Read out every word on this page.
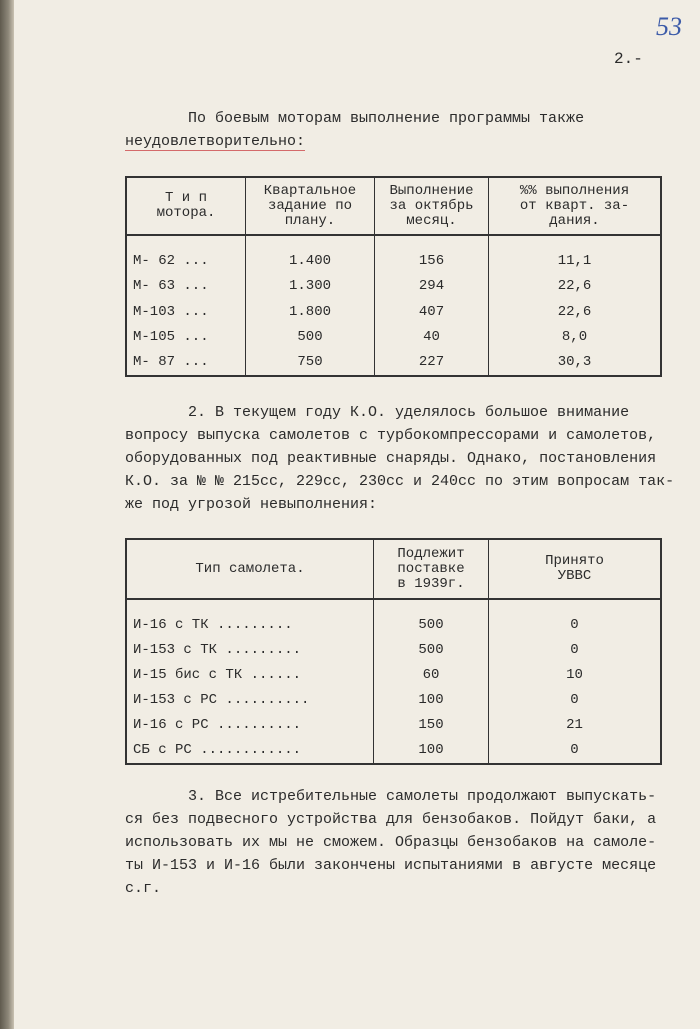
53
2.-
По боевым моторам выполнение программы также
неудовлетворительно:
Т и п
мотора.	Квартальное
задание по
плану.	Выполнение
за октябрь
месяц.	%% выполнения
от кварт. за-
дания.
М- 62 ...	1.400	156	11,1
М- 63 ...	1.300	294	22,6
М-103 ...	1.800	407	22,6
М-105 ...	500	40	8,0
М- 87 ...	750	227	30,3
2. В текущем году К.О. уделялось большое внимание
вопросу выпуска самолетов с турбокомпрессорами и самолетов,
оборудованных под реактивные снаряды. Однако, постановления
К.О. за № № 215сс, 229сс, 230сс и 240сс по этим вопросам так-
же под угрозой невыполнения:
Тип самолета.	Подлежит
поставке
в 1939г.	Принято
УВВС
И-16 с ТК .........	500	0
И-153 с ТК .........	500	0
И-15 бис с ТК ......	60	10
И-153 с РС ..........	100	0
И-16 с РС ..........	150	21
СБ с РС ............	100	0
3. Все истребительные самолеты продолжают выпускать-
ся без подвесного устройства для бензобаков. Пойдут баки, а
использовать их мы не сможем. Образцы бензобаков на самоле-
ты И-153 и И-16 были закончены испытаниями в августе месяце
с.г.
